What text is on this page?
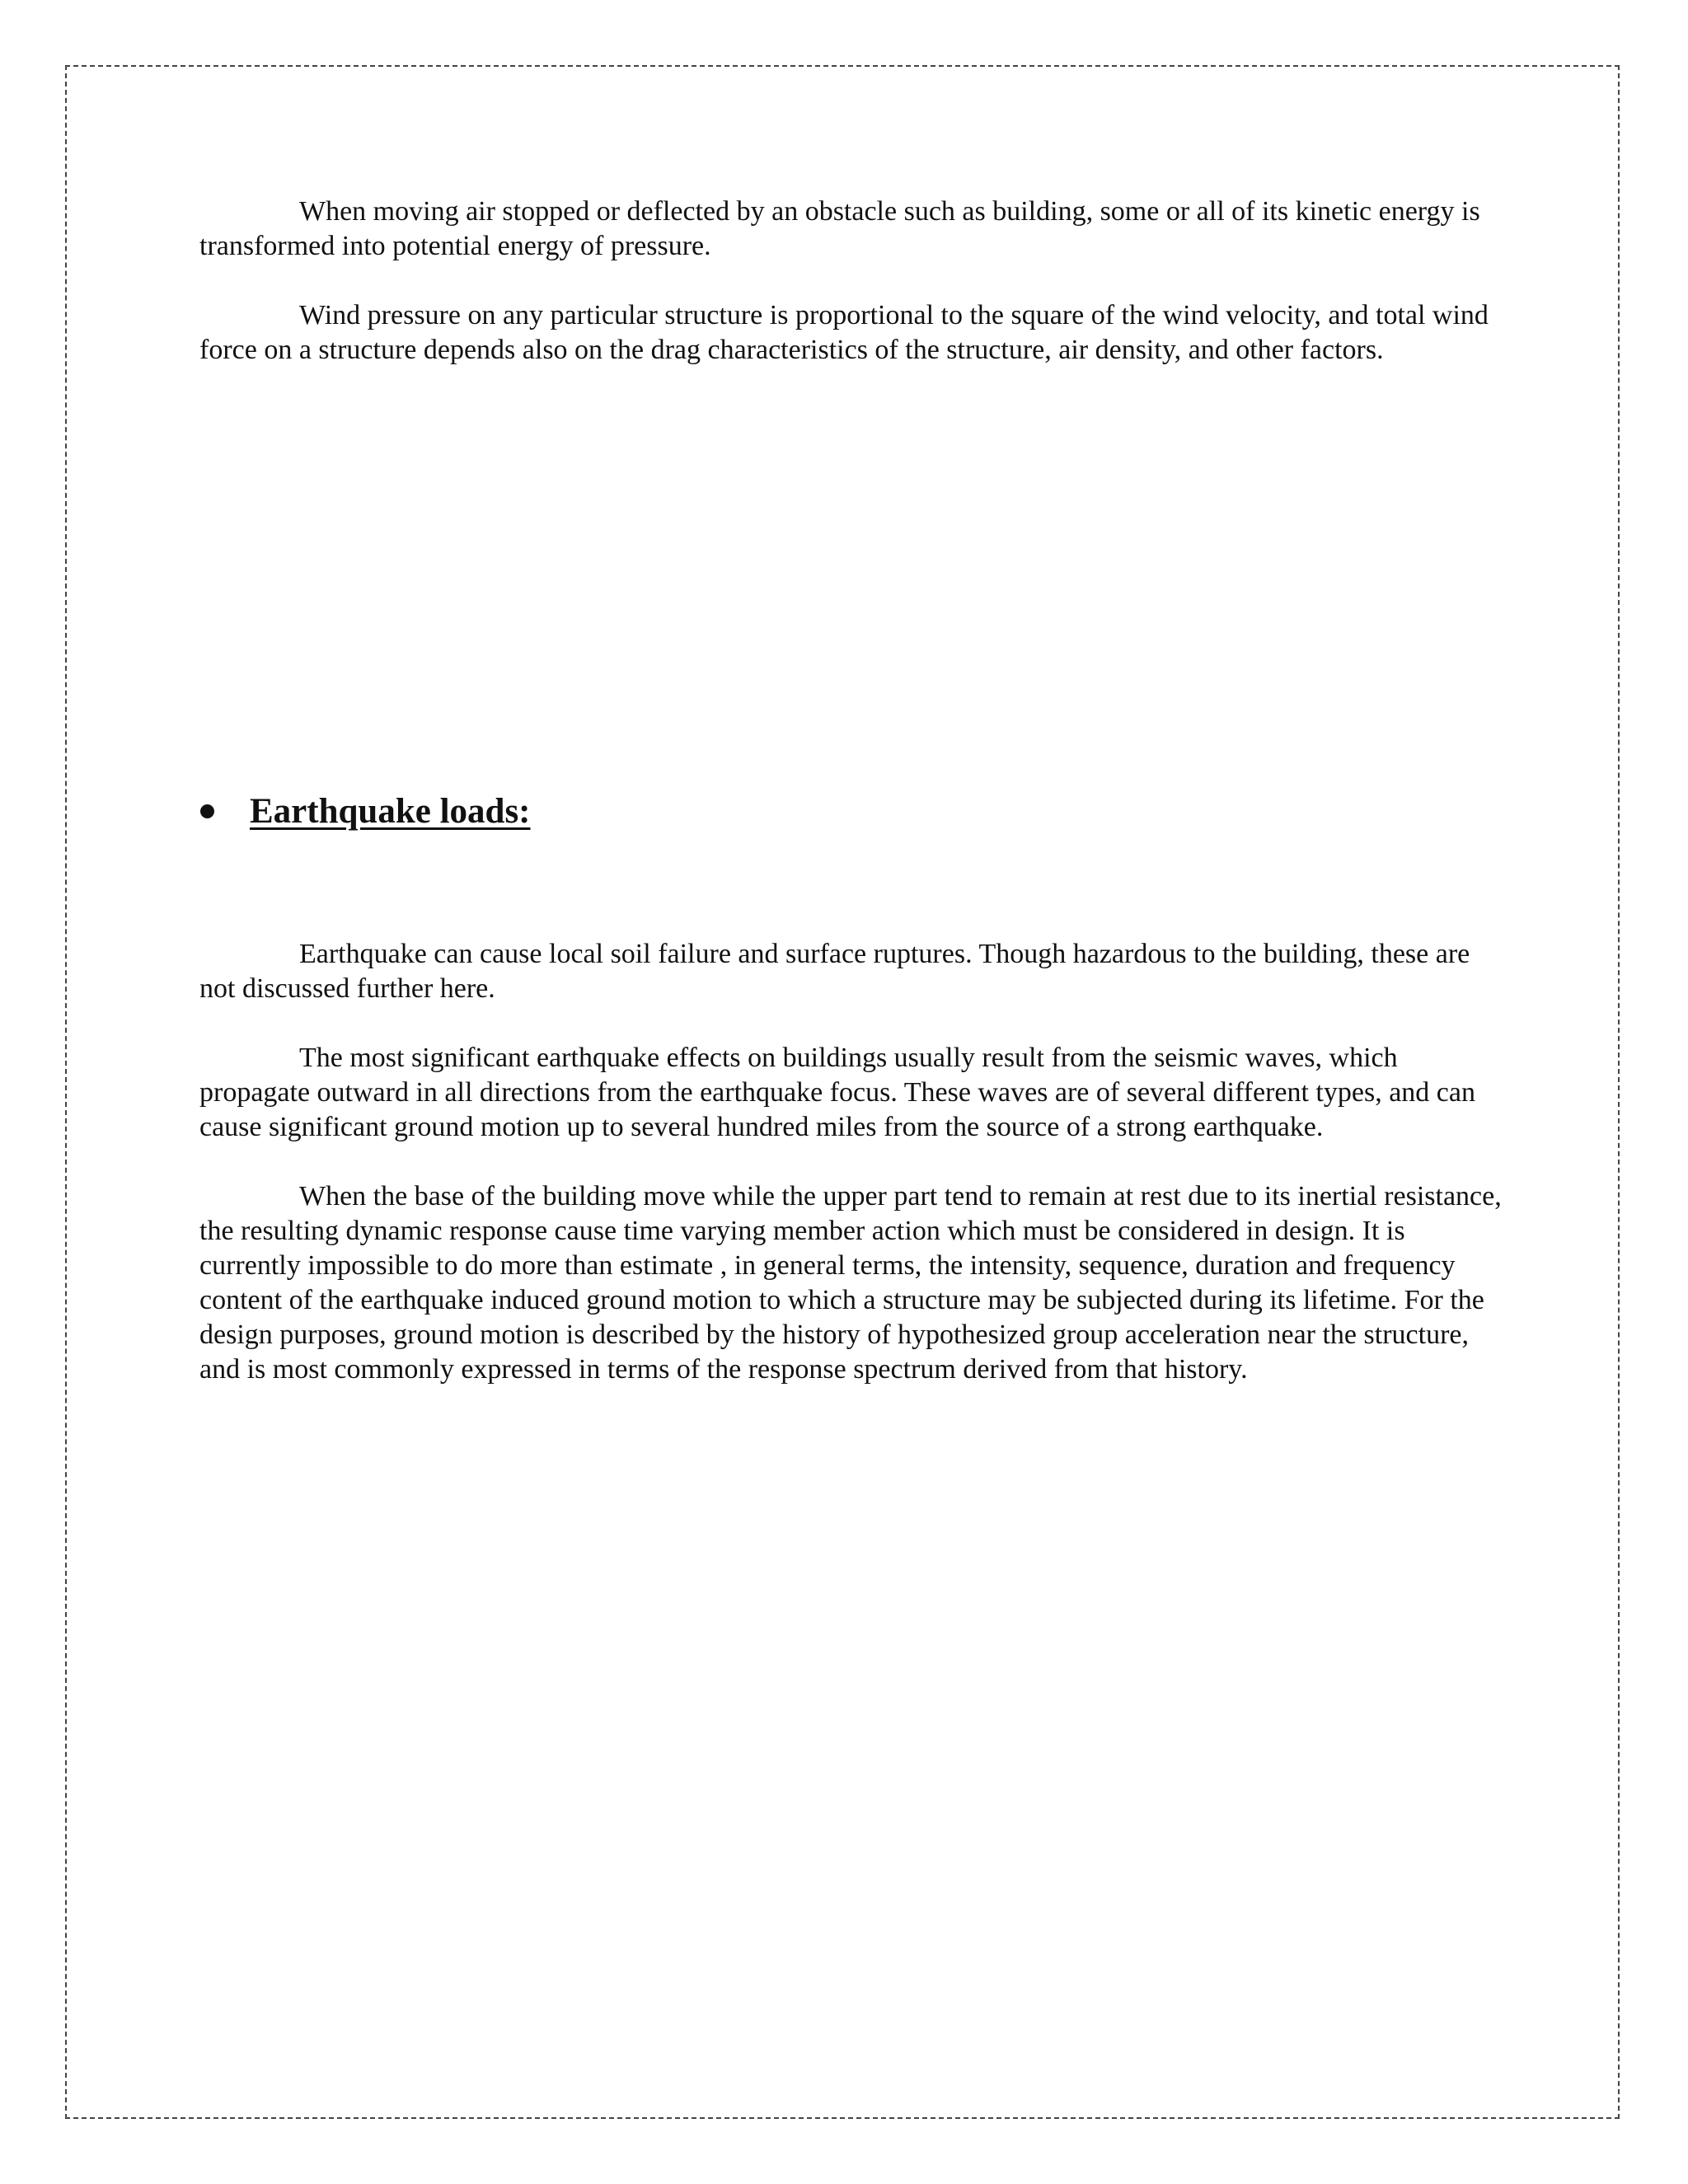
When moving air stopped or deflected by an obstacle such as building, some or all of its kinetic energy is transformed into potential energy of pressure.

Wind pressure on any particular structure is proportional to the square of the wind velocity, and total wind force on a structure depends also on the drag characteristics of the structure, air density, and other factors.

Earthquake loads:

Earthquake can cause local soil failure and surface ruptures. Though hazardous to the building, these are not discussed further here.

The most significant earthquake effects on buildings usually result from the seismic waves, which propagate outward in all directions from the earthquake focus. These waves are of several different types, and can cause significant ground motion up to several hundred miles from the source of a strong earthquake.

When the base of the building move while the upper part tend to remain at rest due to its inertial resistance, the resulting dynamic response cause time varying member action which must be considered in design. It is currently impossible to do more than estimate , in general terms, the intensity, sequence, duration and frequency content of the earthquake induced ground motion to which a structure may be subjected during its lifetime. For the design purposes, ground motion is described by the history of hypothesized group acceleration near the structure, and is most commonly expressed in terms of the response spectrum derived from that history.
